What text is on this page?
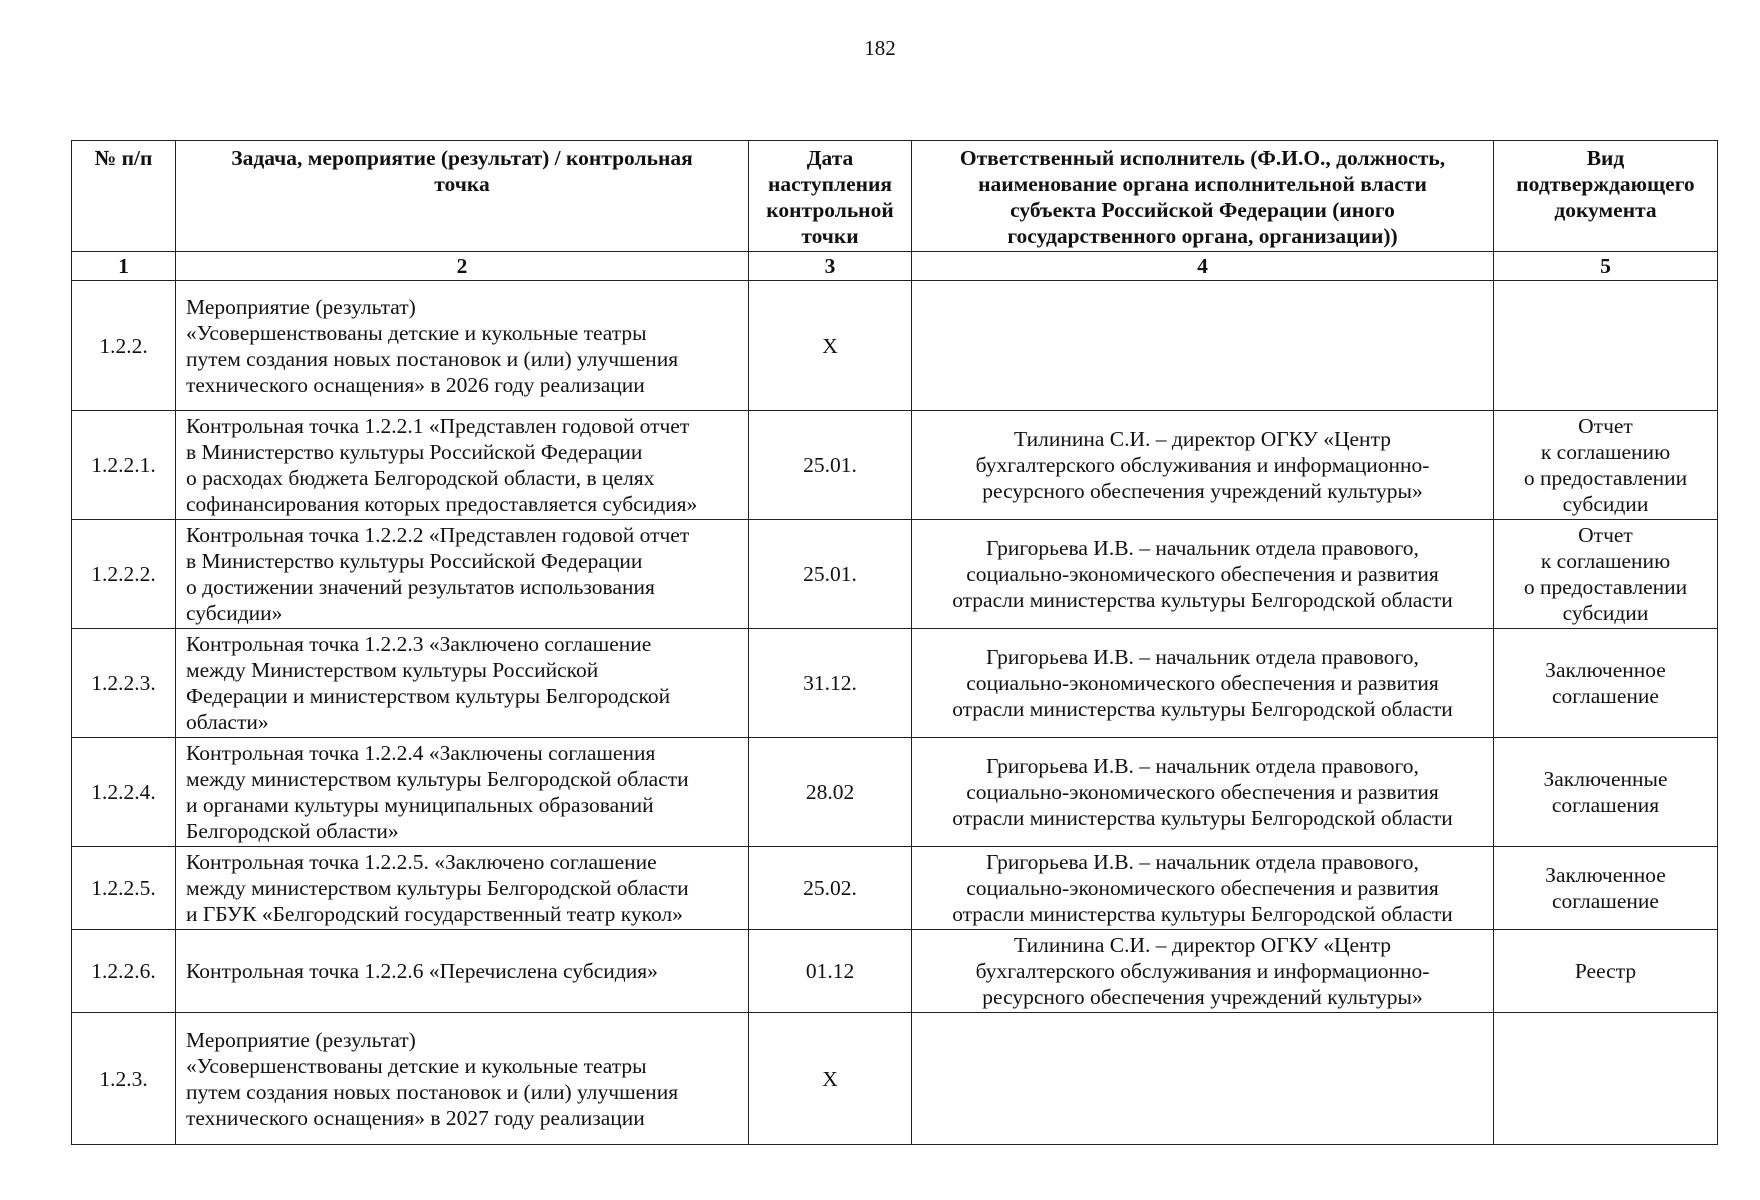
182
№ п/п	Задача, мероприятие (результат) / контрольная
точка	Дата
наступления
контрольной
точки	Ответственный исполнитель (Ф.И.О., должность,
наименование органа исполнительной власти
субъекта Российской Федерации (иного
государственного органа, организации))	Вид
подтверждающего
документа

1	2	3	4	5
1.2.2.	Мероприятие (результат)
«Усовершенствованы детские и кукольные театры
путем создания новых постановок и (или) улучшения
технического оснащения» в 2026 году реализации	Х		
1.2.2.1.	Контрольная точка 1.2.2.1 «Представлен годовой отчет
в Министерство культуры Российской Федерации
о расходах бюджета Белгородской области, в целях
софинансирования которых предоставляется субсидия»	25.01.	Тилинина С.И. – директор ОГКУ «Центр
бухгалтерского обслуживания и информационно-
ресурсного обеспечения учреждений культуры»	Отчет
к соглашению
о предоставлении
субсидии

1.2.2.2.	Контрольная точка 1.2.2.2 «Представлен годовой отчет
в Министерство культуры Российской Федерации
о достижении значений результатов использования
субсидии»	25.01.	Григорьева И.В. – начальник отдела правового,
социально-экономического обеспечения и развития
отрасли министерства культуры Белгородской области	Отчет
к соглашению
о предоставлении
субсидии

1.2.2.3.	Контрольная точка 1.2.2.3 «Заключено соглашение
между Министерством культуры Российской
Федерации и министерством культуры Белгородской
области»	31.12.	Григорьева И.В. – начальник отдела правового,
социально-экономического обеспечения и развития
отрасли министерства культуры Белгородской области	Заключенное
соглашение

1.2.2.4.	Контрольная точка 1.2.2.4 «Заключены соглашения
между министерством культуры Белгородской области
и органами культуры муниципальных образований
Белгородской области»	28.02	Григорьева И.В. – начальник отдела правового,
социально-экономического обеспечения и развития
отрасли министерства культуры Белгородской области	Заключенные
соглашения

1.2.2.5.	Контрольная точка 1.2.2.5. «Заключено соглашение
между министерством культуры Белгородской области
и ГБУК «Белгородский государственный театр кукол»	25.02.	Григорьева И.В. – начальник отдела правового,
социально-экономического обеспечения и развития
отрасли министерства культуры Белгородской области	Заключенное
соглашение

1.2.2.6.	Контрольная точка 1.2.2.6 «Перечислена субсидия»	01.12	Тилинина С.И. – директор ОГКУ «Центр
бухгалтерского обслуживания и информационно-
ресурсного обеспечения учреждений культуры»	Реестр

1.2.3.	Мероприятие (результат)
«Усовершенствованы детские и кукольные театры
путем создания новых постановок и (или) улучшения
технического оснащения» в 2027 году реализации	Х		
